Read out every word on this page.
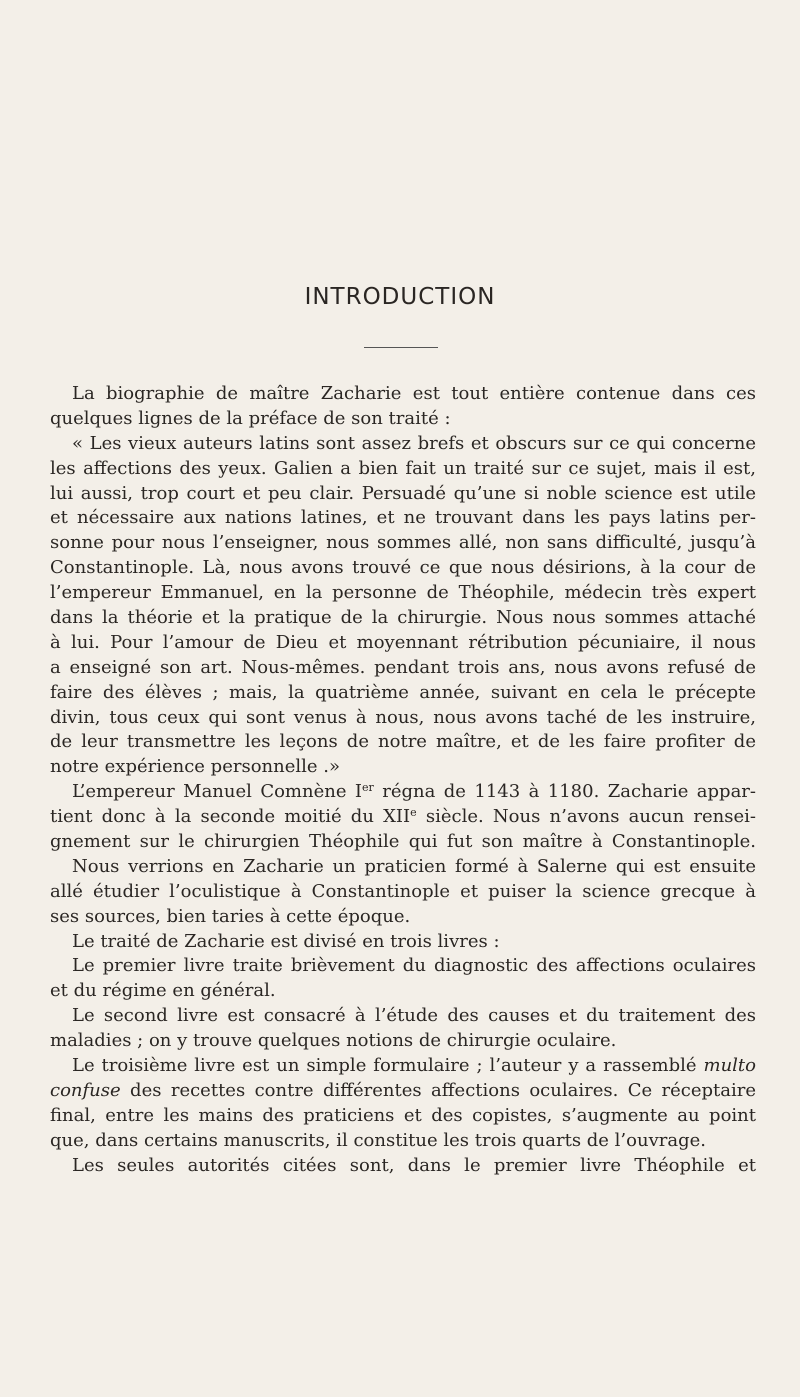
INTRODUCTION
La biographie de maître Zacharie est tout entière contenue dans ces
quelques lignes de la préface de son traité :
« Les vieux auteurs latins sont assez brefs et obscurs sur ce qui concerne
les affections des yeux. Galien a bien fait un traité sur ce sujet, mais il est,
lui aussi, trop court et peu clair. Persuadé qu’une si noble science est utile
et nécessaire aux nations latines, et ne trouvant dans les pays latins per-
sonne pour nous l’enseigner, nous sommes allé, non sans difficulté, jusqu’à
Constantinople. Là, nous avons trouvé ce que nous désirions, à la cour de
l’empereur Emmanuel, en la personne de Théophile, médecin très expert
dans la théorie et la pratique de la chirurgie. Nous nous sommes attaché
à lui. Pour l’amour de Dieu et moyennant rétribution pécuniaire, il nous
a enseigné son art. Nous-mêmes. pendant trois ans, nous avons refusé de
faire des élèves ; mais, la quatrième année, suivant en cela le précepte
divin, tous ceux qui sont venus à nous, nous avons taché de les instruire,
de leur transmettre les leçons de notre maître, et de les faire profiter de
notre expérience personnelle .»
L’empereur Manuel Comnène Ier régna de 1143 à 1180. Zacharie appar-
tient donc à la seconde moitié du XIIe siècle. Nous n’avons aucun rensei-
gnement sur le chirurgien Théophile qui fut son maître à Constantinople.
Nous verrions en Zacharie un praticien formé à Salerne qui est ensuite
allé étudier l’oculistique à Constantinople et puiser la science grecque à
ses sources, bien taries à cette époque.
Le traité de Zacharie est divisé en trois livres :
Le premier livre traite brièvement du diagnostic des affections oculaires
et du régime en général.
Le second livre est consacré à l’étude des causes et du traitement des
maladies ; on y trouve quelques notions de chirurgie oculaire.
Le troisième livre est un simple formulaire ; l’auteur y a rassemblé multo
confuse des recettes contre différentes affections oculaires. Ce réceptaire
final, entre les mains des praticiens et des copistes, s’augmente au point
que, dans certains manuscrits, il constitue les trois quarts de l’ouvrage.
Les seules autorités citées sont, dans le premier livre Théophile et
